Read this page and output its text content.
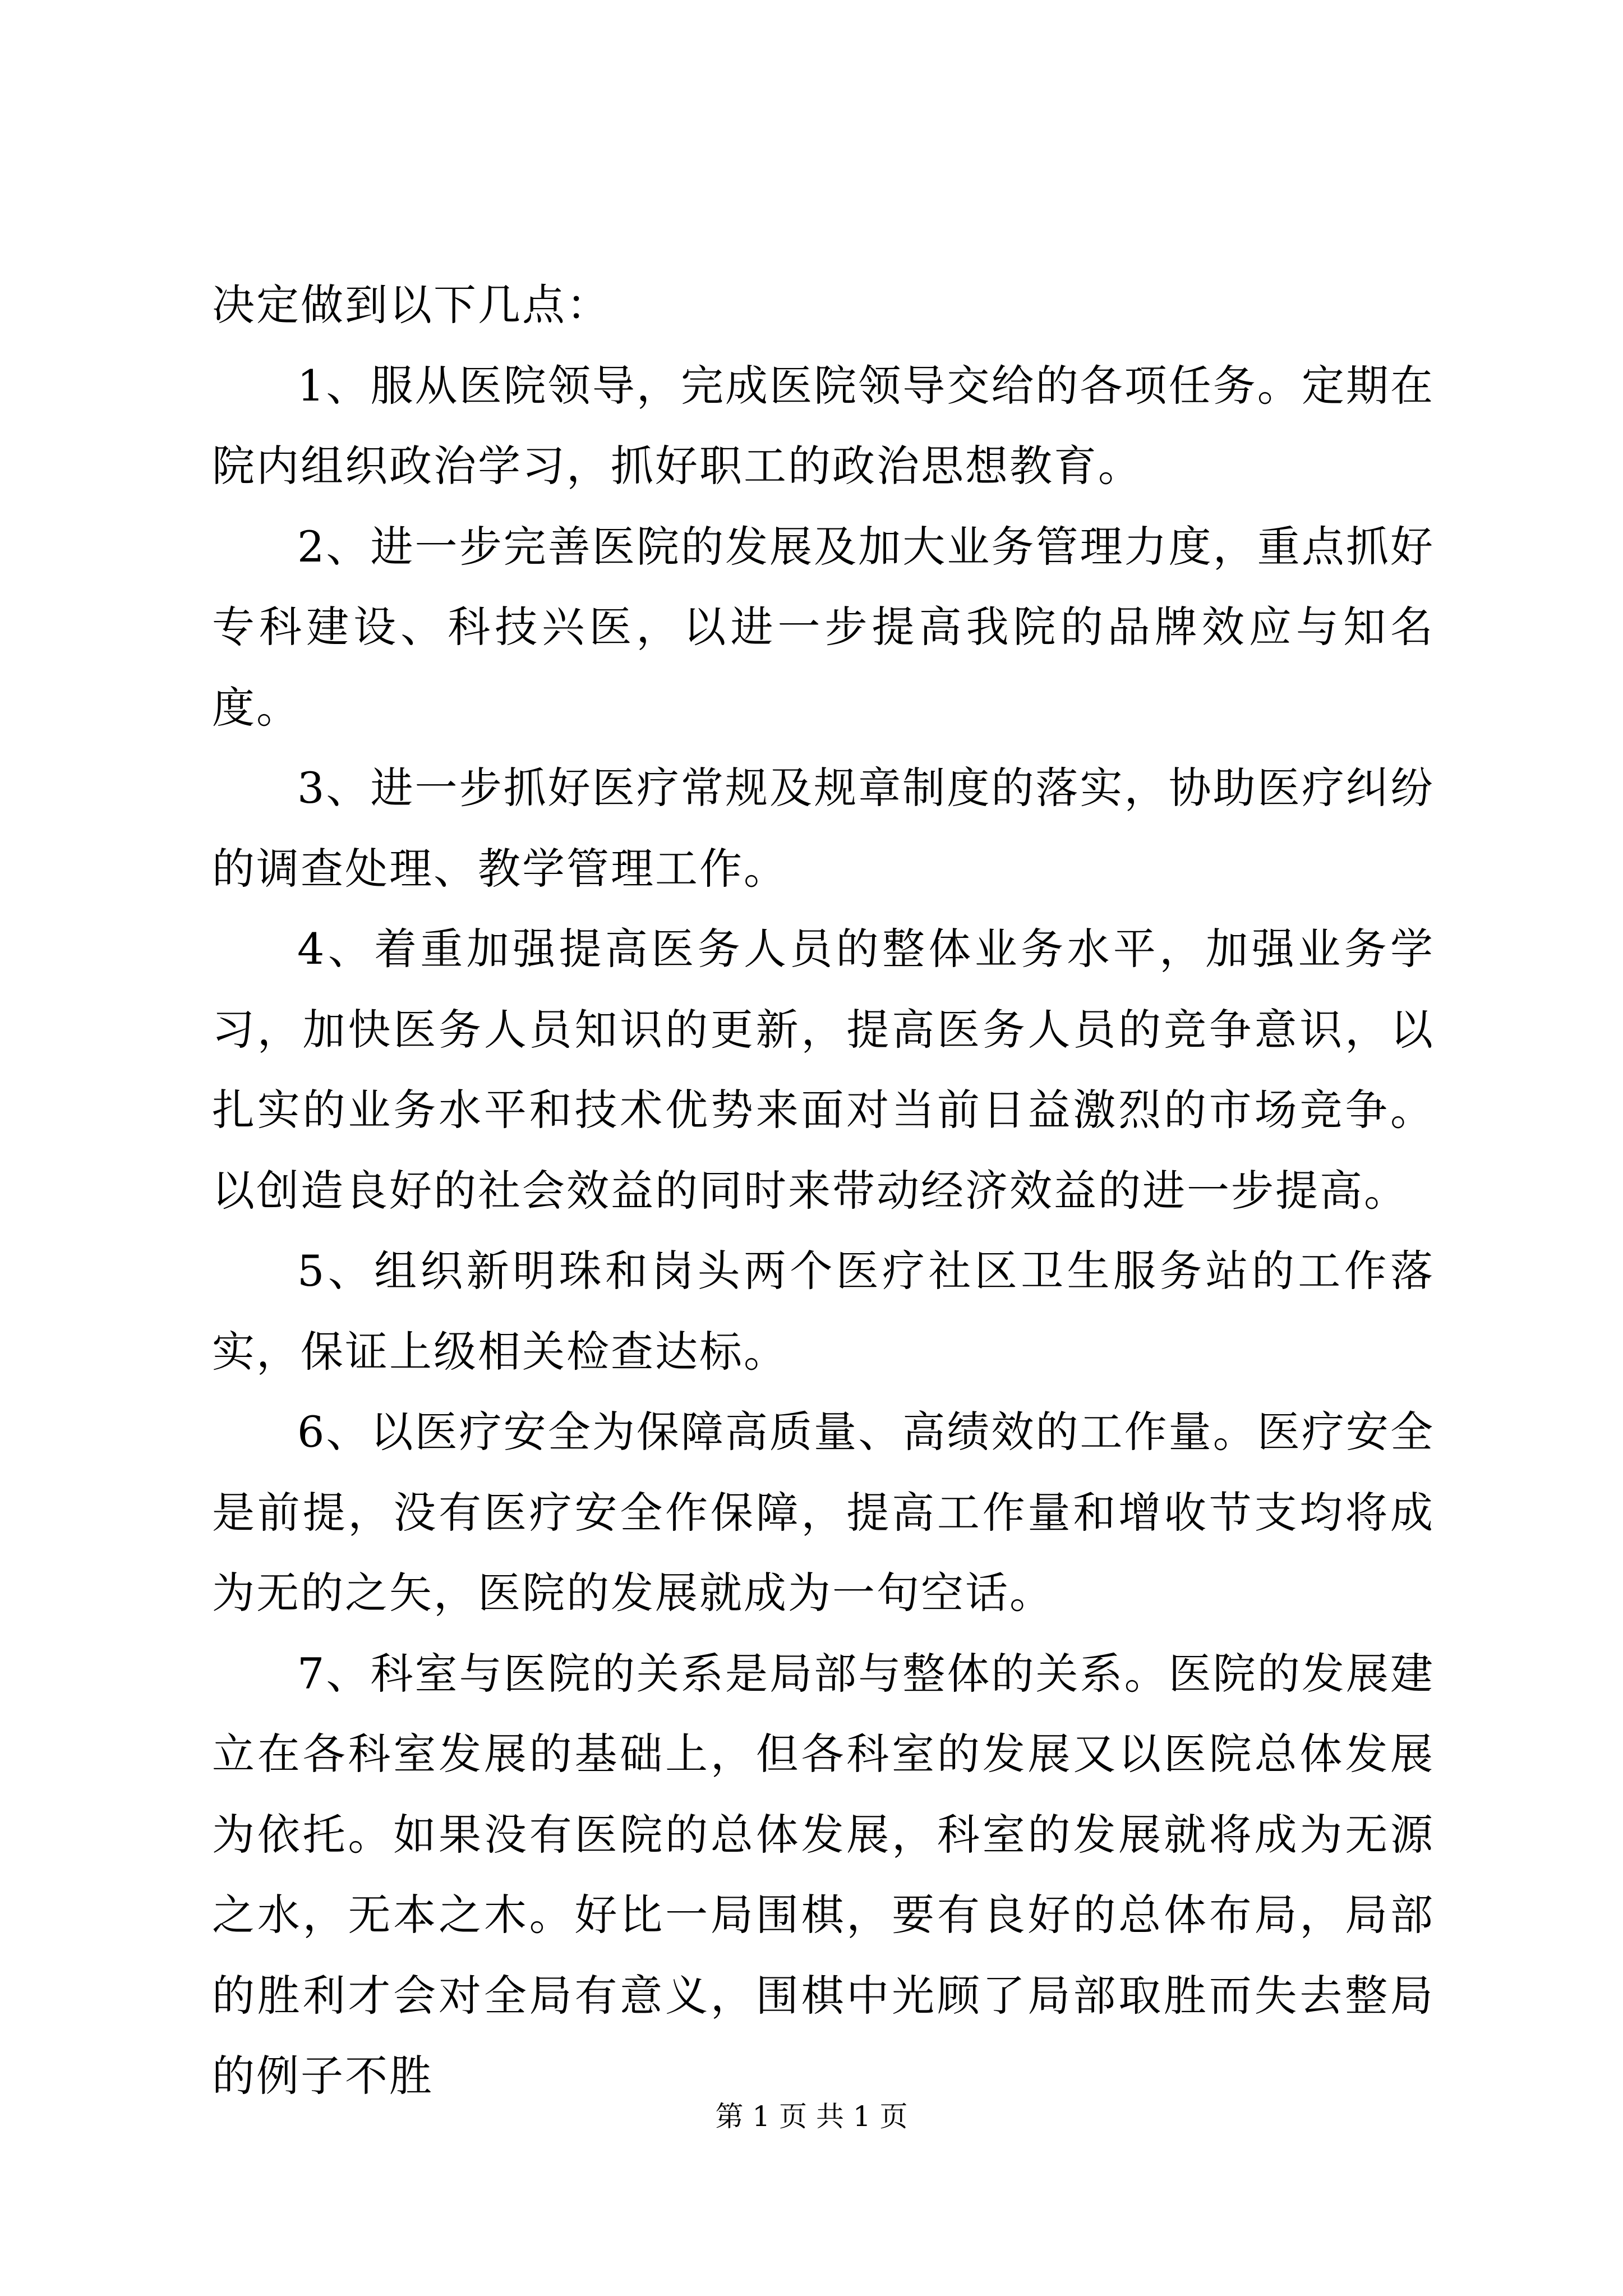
决定做到以下几点：

1、服从医院领导，完成医院领导交给的各项任务。定期在院内组织政治学习，抓好职工的政治思想教育。

2、进一步完善医院的发展及加大业务管理力度，重点抓好专科建设、科技兴医，以进一步提高我院的品牌效应与知名度。

3、进一步抓好医疗常规及规章制度的落实，协助医疗纠纷的调查处理、教学管理工作。

4、着重加强提高医务人员的整体业务水平，加强业务学习，加快医务人员知识的更新，提高医务人员的竞争意识，以扎实的业务水平和技术优势来面对当前日益激烈的市场竞争。以创造良好的社会效益的同时来带动经济效益的进一步提高。

5、组织新明珠和岗头两个医疗社区卫生服务站的工作落实，保证上级相关检查达标。

6、以医疗安全为保障高质量、高绩效的工作量。医疗安全是前提，没有医疗安全作保障，提高工作量和增收节支均将成为无的之矢，医院的发展就成为一句空话。

7、科室与医院的关系是局部与整体的关系。医院的发展建立在各科室发展的基础上，但各科室的发展又以医院总体发展为依托。如果没有医院的总体发展，科室的发展就将成为无源之水，无本之木。好比一局围棋，要有良好的总体布局，局部的胜利才会对全局有意义，围棋中光顾了局部取胜而失去整局的例子不胜

第 1 页 共 1 页
